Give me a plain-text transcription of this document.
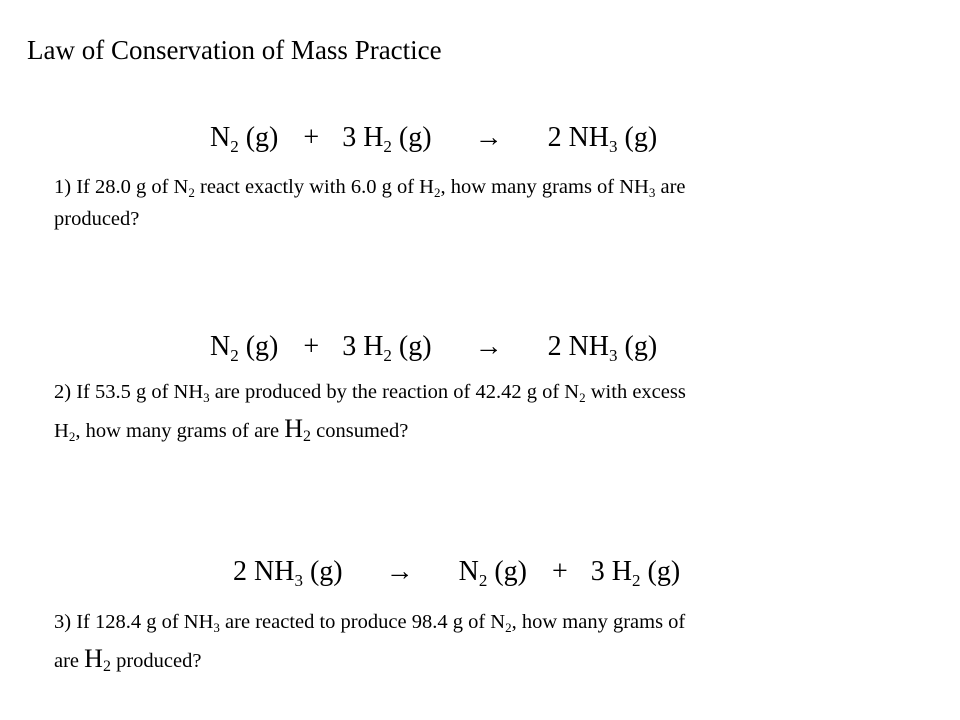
Law of Conservation of Mass Practice
$N_2$ (g) + 3 $H_2$ (g) → 2 $NH_3$ (g)
1) If 28.0 g of $N_2$ react exactly with 6.0 g of $H_2$, how many grams of $NH_3$ are
produced?
$N_2$ (g) + 3 $H_2$ (g) → 2 $NH_3$ (g)
2) If 53.5 g of $NH_3$ are produced by the reaction of 42.42 g of $N_2$ with excess
$H_2$, how many grams of are $H_2$ consumed?
2 $NH_3$ $(g) \to N_2$ (g) + 3 $H_2$ (g)
3) If 128.4 g of $NH_3$ are reacted to produce 98.4 g of $N_2$, how many grams of
are $H_2$ produced?
